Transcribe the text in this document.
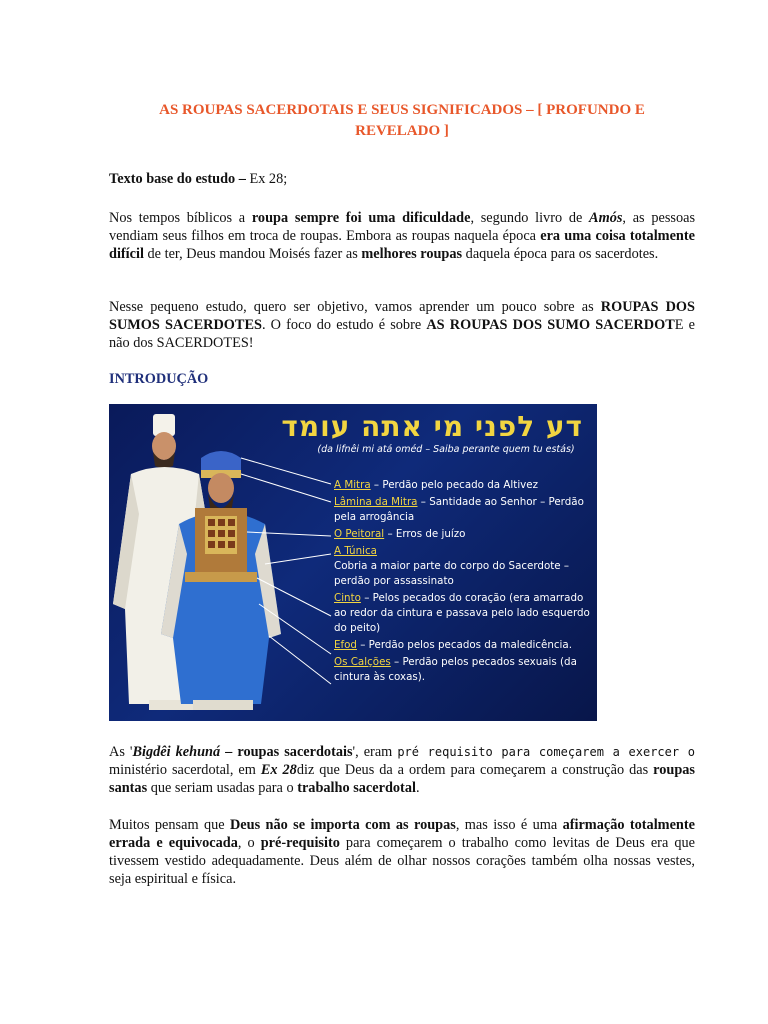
AS ROUPAS SACERDOTAIS E SEUS SIGNIFICADOS – [ PROFUNDO E REVELADO ]

Texto base do estudo – Ex 28;

Nos tempos bíblicos a roupa sempre foi uma dificuldade, segundo livro de Amós, as pessoas vendiam seus filhos em troca de roupas. Embora as roupas naquela época era uma coisa totalmente difícil de ter, Deus mandou Moisés fazer as melhores roupas daquela época para os sacerdotes.

Nesse pequeno estudo, quero ser objetivo, vamos aprender um pouco sobre as ROUPAS DOS SUMOS SACERDOTES. O foco do estudo é sobre AS ROUPAS DOS SUMO SACERDOTE e não dos SACERDOTES!

INTRODUÇÃO
דע לפני מי אתה עומד
(da lifnêi mi atá oméd – Saiba perante quem tu estás)
A Mitra – Perdão pelo pecado da Altivez
Lâmina da Mitra – Santidade ao Senhor – Perdão pela arrogância
O Peitoral – Erros de juízo
A Túnica
Cobria a maior parte do corpo do Sacerdote – perdão por assassinato
Cinto – Pelos pecados do coração (era amarrado ao redor da cintura e passava pelo lado esquerdo do peito)
Efod – Perdão pelos pecados da maledicência.
Os Calções – Perdão pelos pecados sexuais (da cintura às coxas).

As 'Bigdêi kehuná – roupas sacerdotais', eram pré requisito para começarem a exercer o ministério sacerdotal, em Ex 28diz que Deus da a ordem para começarem a construção das roupas santas que seriam usadas para o trabalho sacerdotal.

Muitos pensam que Deus não se importa com as roupas, mas isso é uma afirmação totalmente errada e equivocada, o pré-requisito para começarem o trabalho como levitas de Deus era que tivessem vestido adequadamente. Deus além de olhar nossos corações também olha nossas vestes, seja espiritual e física.
